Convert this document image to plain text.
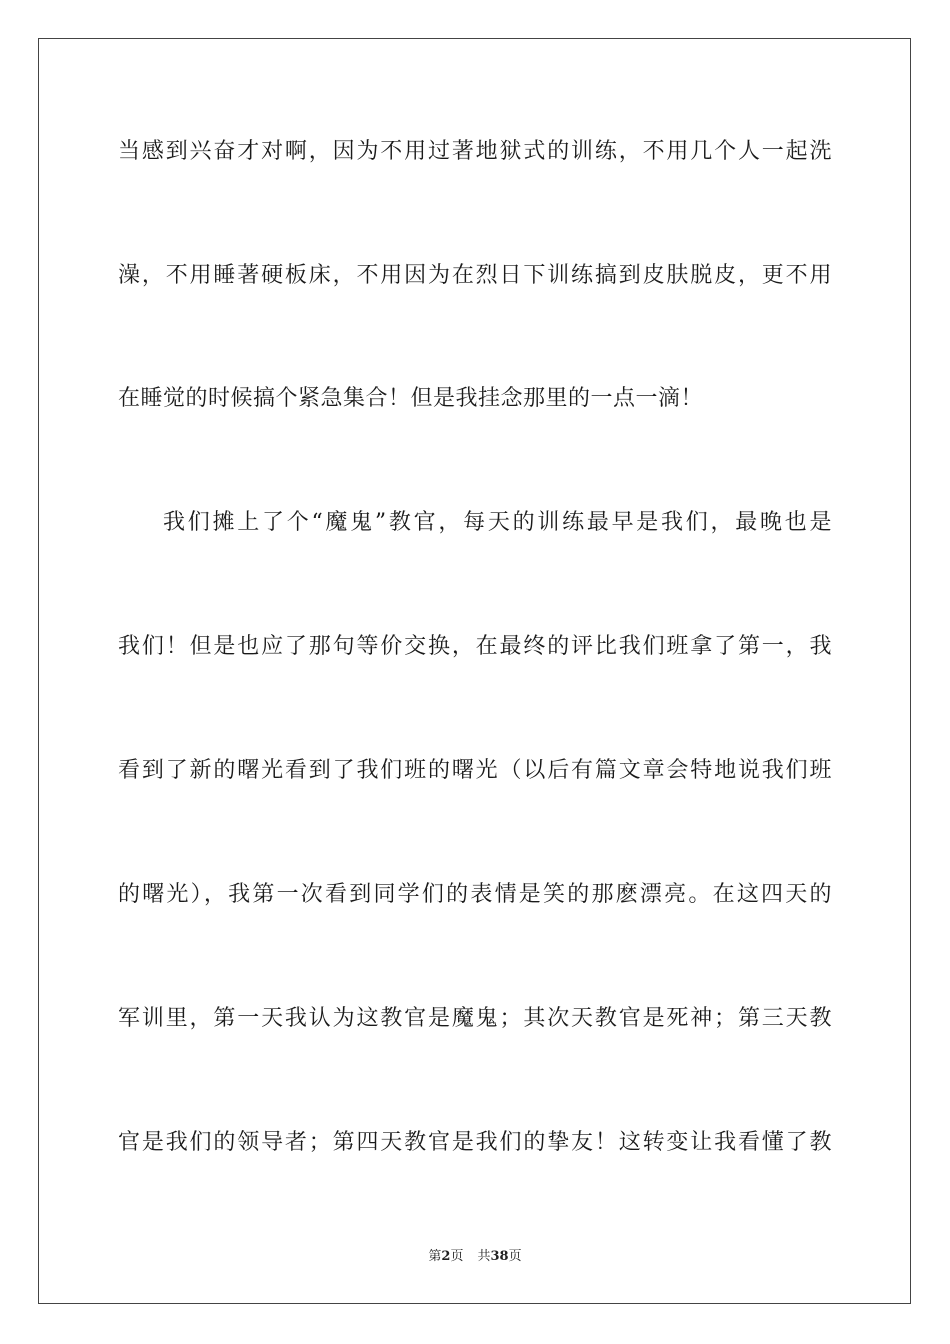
当感到兴奋才对啊，因为不用过著地狱式的训练，不用几个人一起洗
澡，不用睡著硬板床，不用因为在烈日下训练搞到皮肤脱皮，更不用
在睡觉的时候搞个紧急集合！但是我挂念那里的一点一滴！
我们摊上了个“魔鬼”教官，每天的训练最早是我们，最晚也是
我们！但是也应了那句等价交换，在最终的评比我们班拿了第一，我
看到了新的曙光看到了我们班的曙光（以后有篇文章会特地说我们班
的曙光），我第一次看到同学们的表情是笑的那麽漂亮。在这四天的
军训里，第一天我认为这教官是魔鬼；其次天教官是死神；第三天教
官是我们的领导者；第四天教官是我们的挚友！这转变让我看懂了教
第2页 共38页
